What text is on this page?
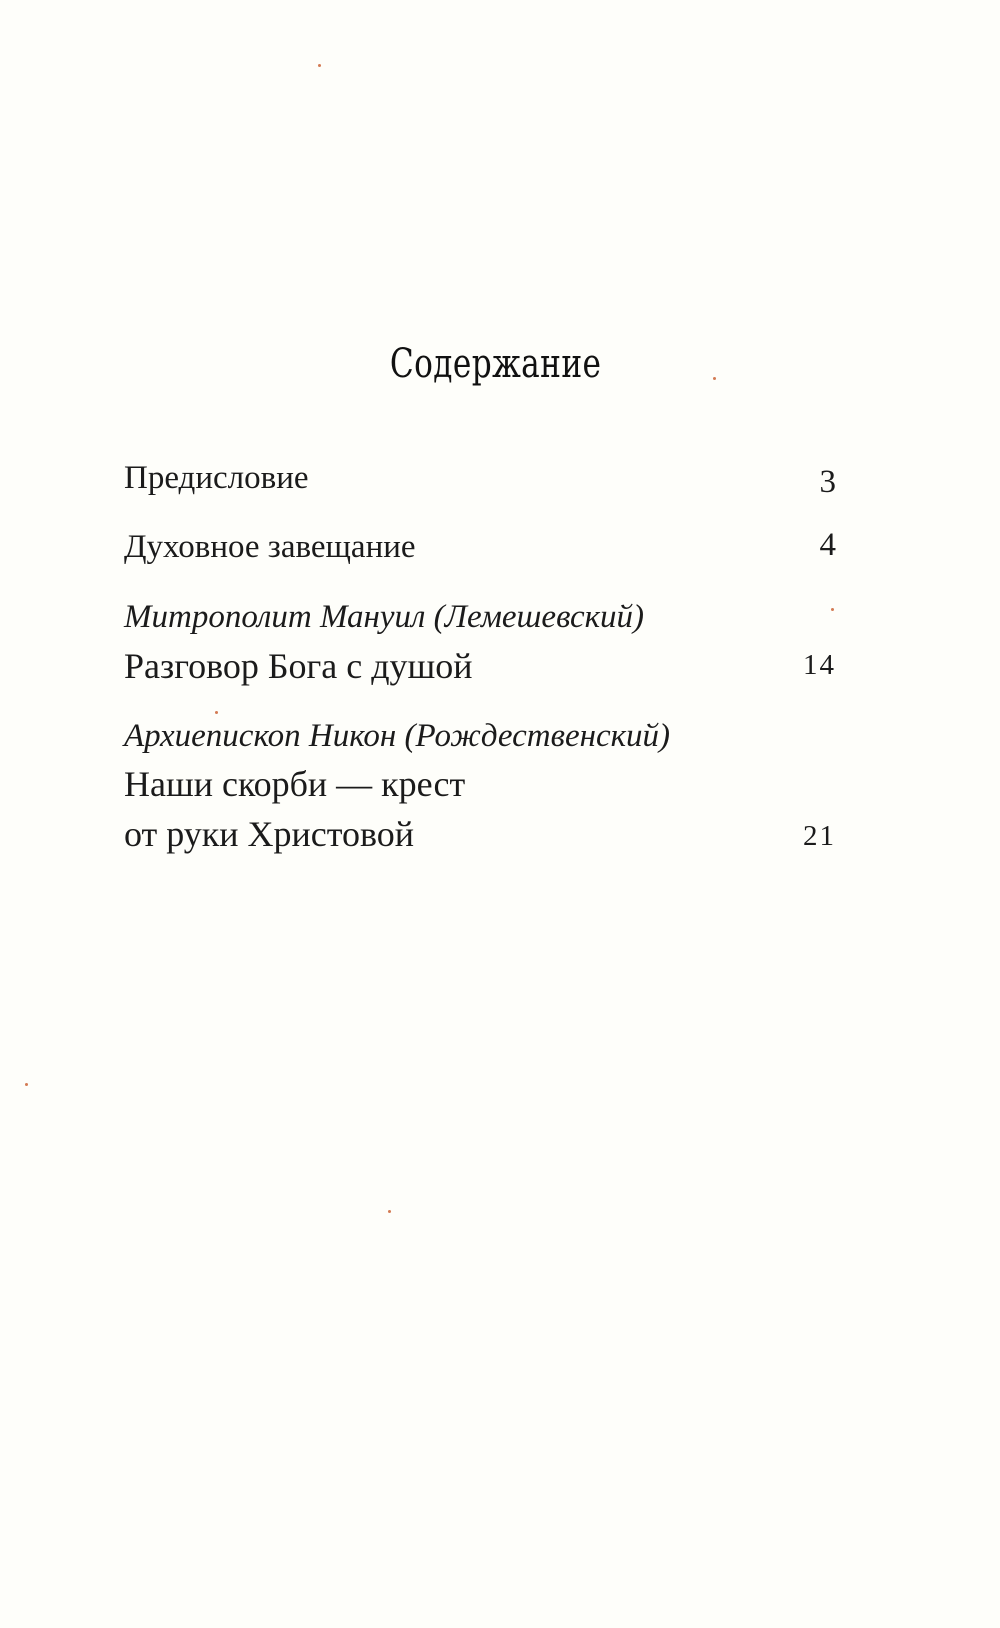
Содержание
Предисловие	3
Духовное завещание	4
Митрополит Мануил (Лемешевский)
Разговор Бога с душой	14
Архиепископ Никон (Рождественский)
Наши скорби — крест
от руки Христовой	21
